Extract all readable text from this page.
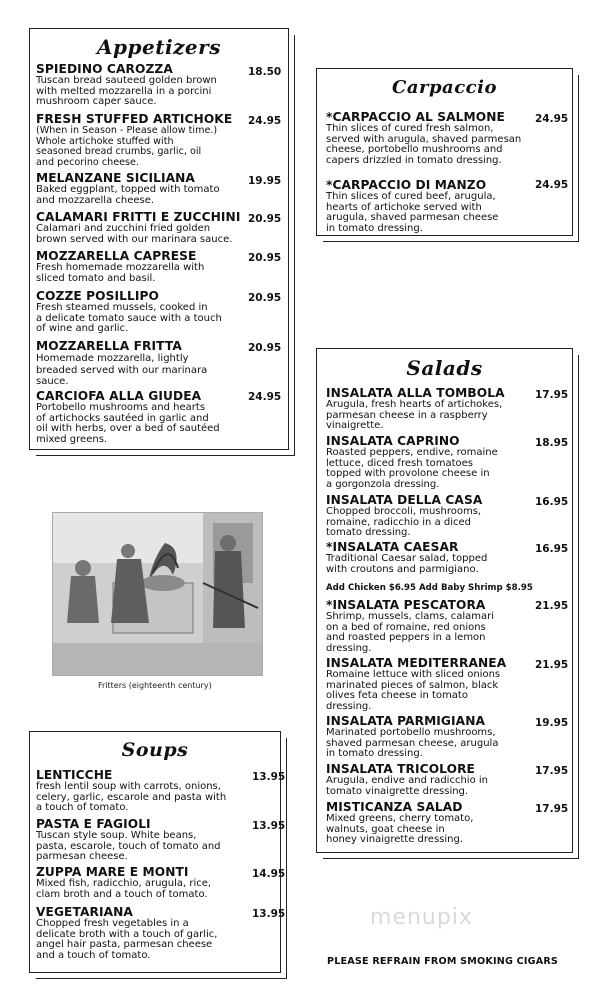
Appetizers
SPIEDINO CAROZZA
Tuscan bread sauteed golden brown
with melted mozzarella in a porcini
mushroom caper sauce.
18.50
FRESH STUFFED ARTICHOKE
(When in Season - Please allow time.)
Whole artichoke stuffed with
seasoned bread crumbs, garlic, oil
and pecorino cheese.
24.95
MELANZANE SICILIANA
Baked eggplant, topped with tomato
and mozzarella cheese.
19.95
CALAMARI FRITTI E ZUCCHINI
Calamari and zucchini fried golden
brown served with our marinara sauce.
20.95
MOZZARELLA CAPRESE
Fresh homemade mozzarella with
sliced tomato and basil.
20.95
COZZE POSILLIPO
Fresh steamed mussels, cooked in
a delicate tomato sauce with a touch
of wine and garlic.
20.95
MOZZARELLA FRITTA
Homemade mozzarella, lightly
breaded served with our marinara
sauce.
20.95
CARCIOFA ALLA GIUDEA
Portobello mushrooms and hearts
of artichocks sautéed in garlic and
oil with herbs, over a bed of sautéed
mixed greens.
24.95
Carpaccio
*CARPACCIO AL SALMONE
Thin slices of cured fresh salmon,
served with arugula, shaved parmesan
cheese, portobello mushrooms and
capers drizzled in tomato dressing.
24.95
*CARPACCIO DI MANZO
Thin slices of cured beef, arugula,
hearts of artichoke served with
arugula, shaved parmesan cheese
in tomato dressing.
24.95
Salads
INSALATA ALLA TOMBOLA
Arugula, fresh hearts of artichokes,
parmesan cheese in a raspberry
vinaigrette.
17.95
INSALATA CAPRINO
Roasted peppers, endive, romaine
lettuce, diced fresh tomatoes
topped with provolone cheese in
a gorgonzola dressing.
18.95
INSALATA DELLA CASA
Chopped broccoli, mushrooms,
romaine, radicchio in a diced
tomato dressing.
16.95
*INSALATA CAESAR
Traditional Caesar salad, topped
with croutons and parmigiano.
16.95
Add Chicken $6.95 Add Baby Shrimp $8.95
*INSALATA PESCATORA
Shrimp, mussels, clams, calamari
on a bed of romaine, red onions
and roasted peppers in a lemon
dressing.
21.95
INSALATA MEDITERRANEA
Romaine lettuce with sliced onions
marinated pieces of salmon, black
olives feta cheese in tomato
dressing.
21.95
INSALATA PARMIGIANA
Marinated portobello mushrooms,
shaved parmesan cheese, arugula
in tomato dressing.
19.95
INSALATA TRICOLORE
Arugula, endive and radicchio in
tomato vinaigrette dressing.
17.95
MISTICANZA SALAD
Mixed greens, cherry tomato,
walnuts, goat cheese in
honey vinaigrette dressing.
17.95
Fritters (eighteenth century)
Soups
LENTICCHE
fresh lentil soup with carrots, onions,
celery, garlic, escarole and pasta with
a touch of tomato.
13.95
PASTA E FAGIOLI
Tuscan style soup. White beans,
pasta, escarole, touch of tomato and
parmesan cheese.
13.95
ZUPPA MARE E MONTI
Mixed fish, radicchio, arugula, rice,
clam broth and a touch of tomato.
14.95
VEGETARIANA
Chopped fresh vegetables in a
delicate broth with a touch of garlic,
angel hair pasta, parmesan cheese
and a touch of tomato.
13.95	menupix
PLEASE REFRAIN FROM SMOKING CIGARS
